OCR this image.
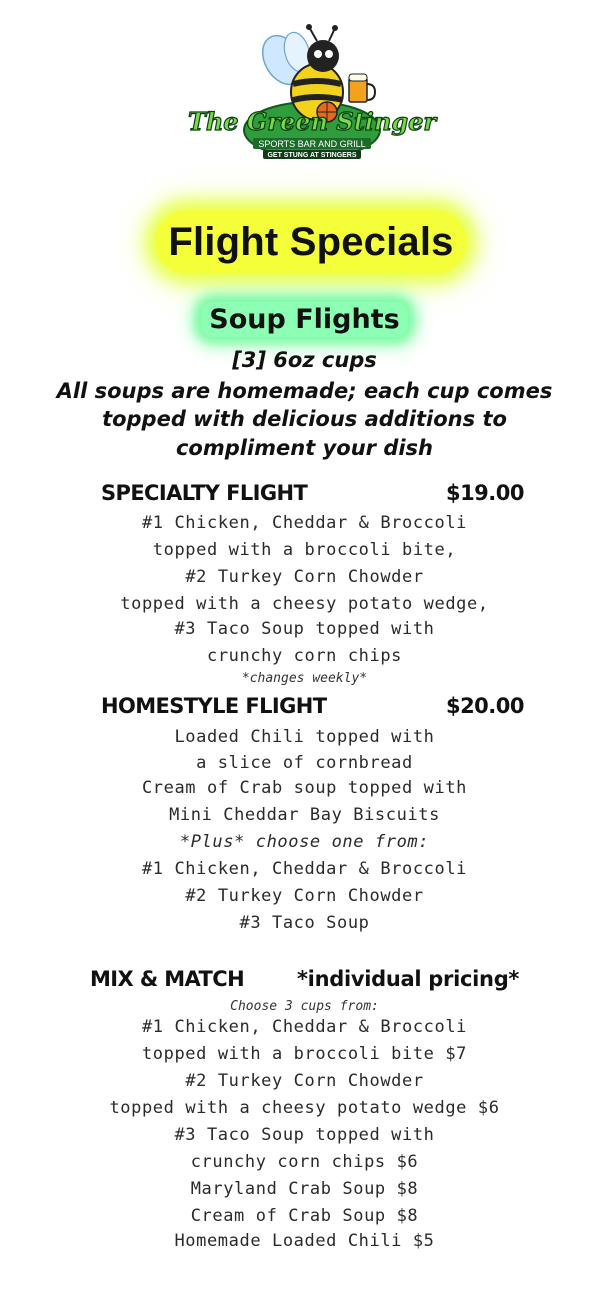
The Green Stinger
SPORTS BAR AND GRILL
GET STUNG AT STINGERS
Flight Specials
Soup Flights
[3] 6oz cups
All soups are homemade; each cup comes
topped with delicious additions to
compliment your dish
SPECIALTY FLIGHT	$19.00
#1 Chicken, Cheddar & Broccoli
topped with a broccoli bite,
#2 Turkey Corn Chowder
topped with a cheesy potato wedge,
#3 Taco Soup topped with
crunchy corn chips
*changes weekly*
HOMESTYLE FLIGHT	$20.00
Loaded Chili topped with
a slice of cornbread
Cream of Crab soup topped with
Mini Cheddar Bay Biscuits
*Plus* choose one from:
#1 Chicken, Cheddar & Broccoli
#2 Turkey Corn Chowder
#3 Taco Soup
MIX & MATCH	*individual pricing*
Choose 3 cups from:
#1 Chicken, Cheddar & Broccoli
topped with a broccoli bite $7
#2 Turkey Corn Chowder
topped with a cheesy potato wedge $6
#3 Taco Soup topped with
crunchy corn chips $6
Maryland Crab Soup $8
Cream of Crab Soup $8
Homemade Loaded Chili $5
